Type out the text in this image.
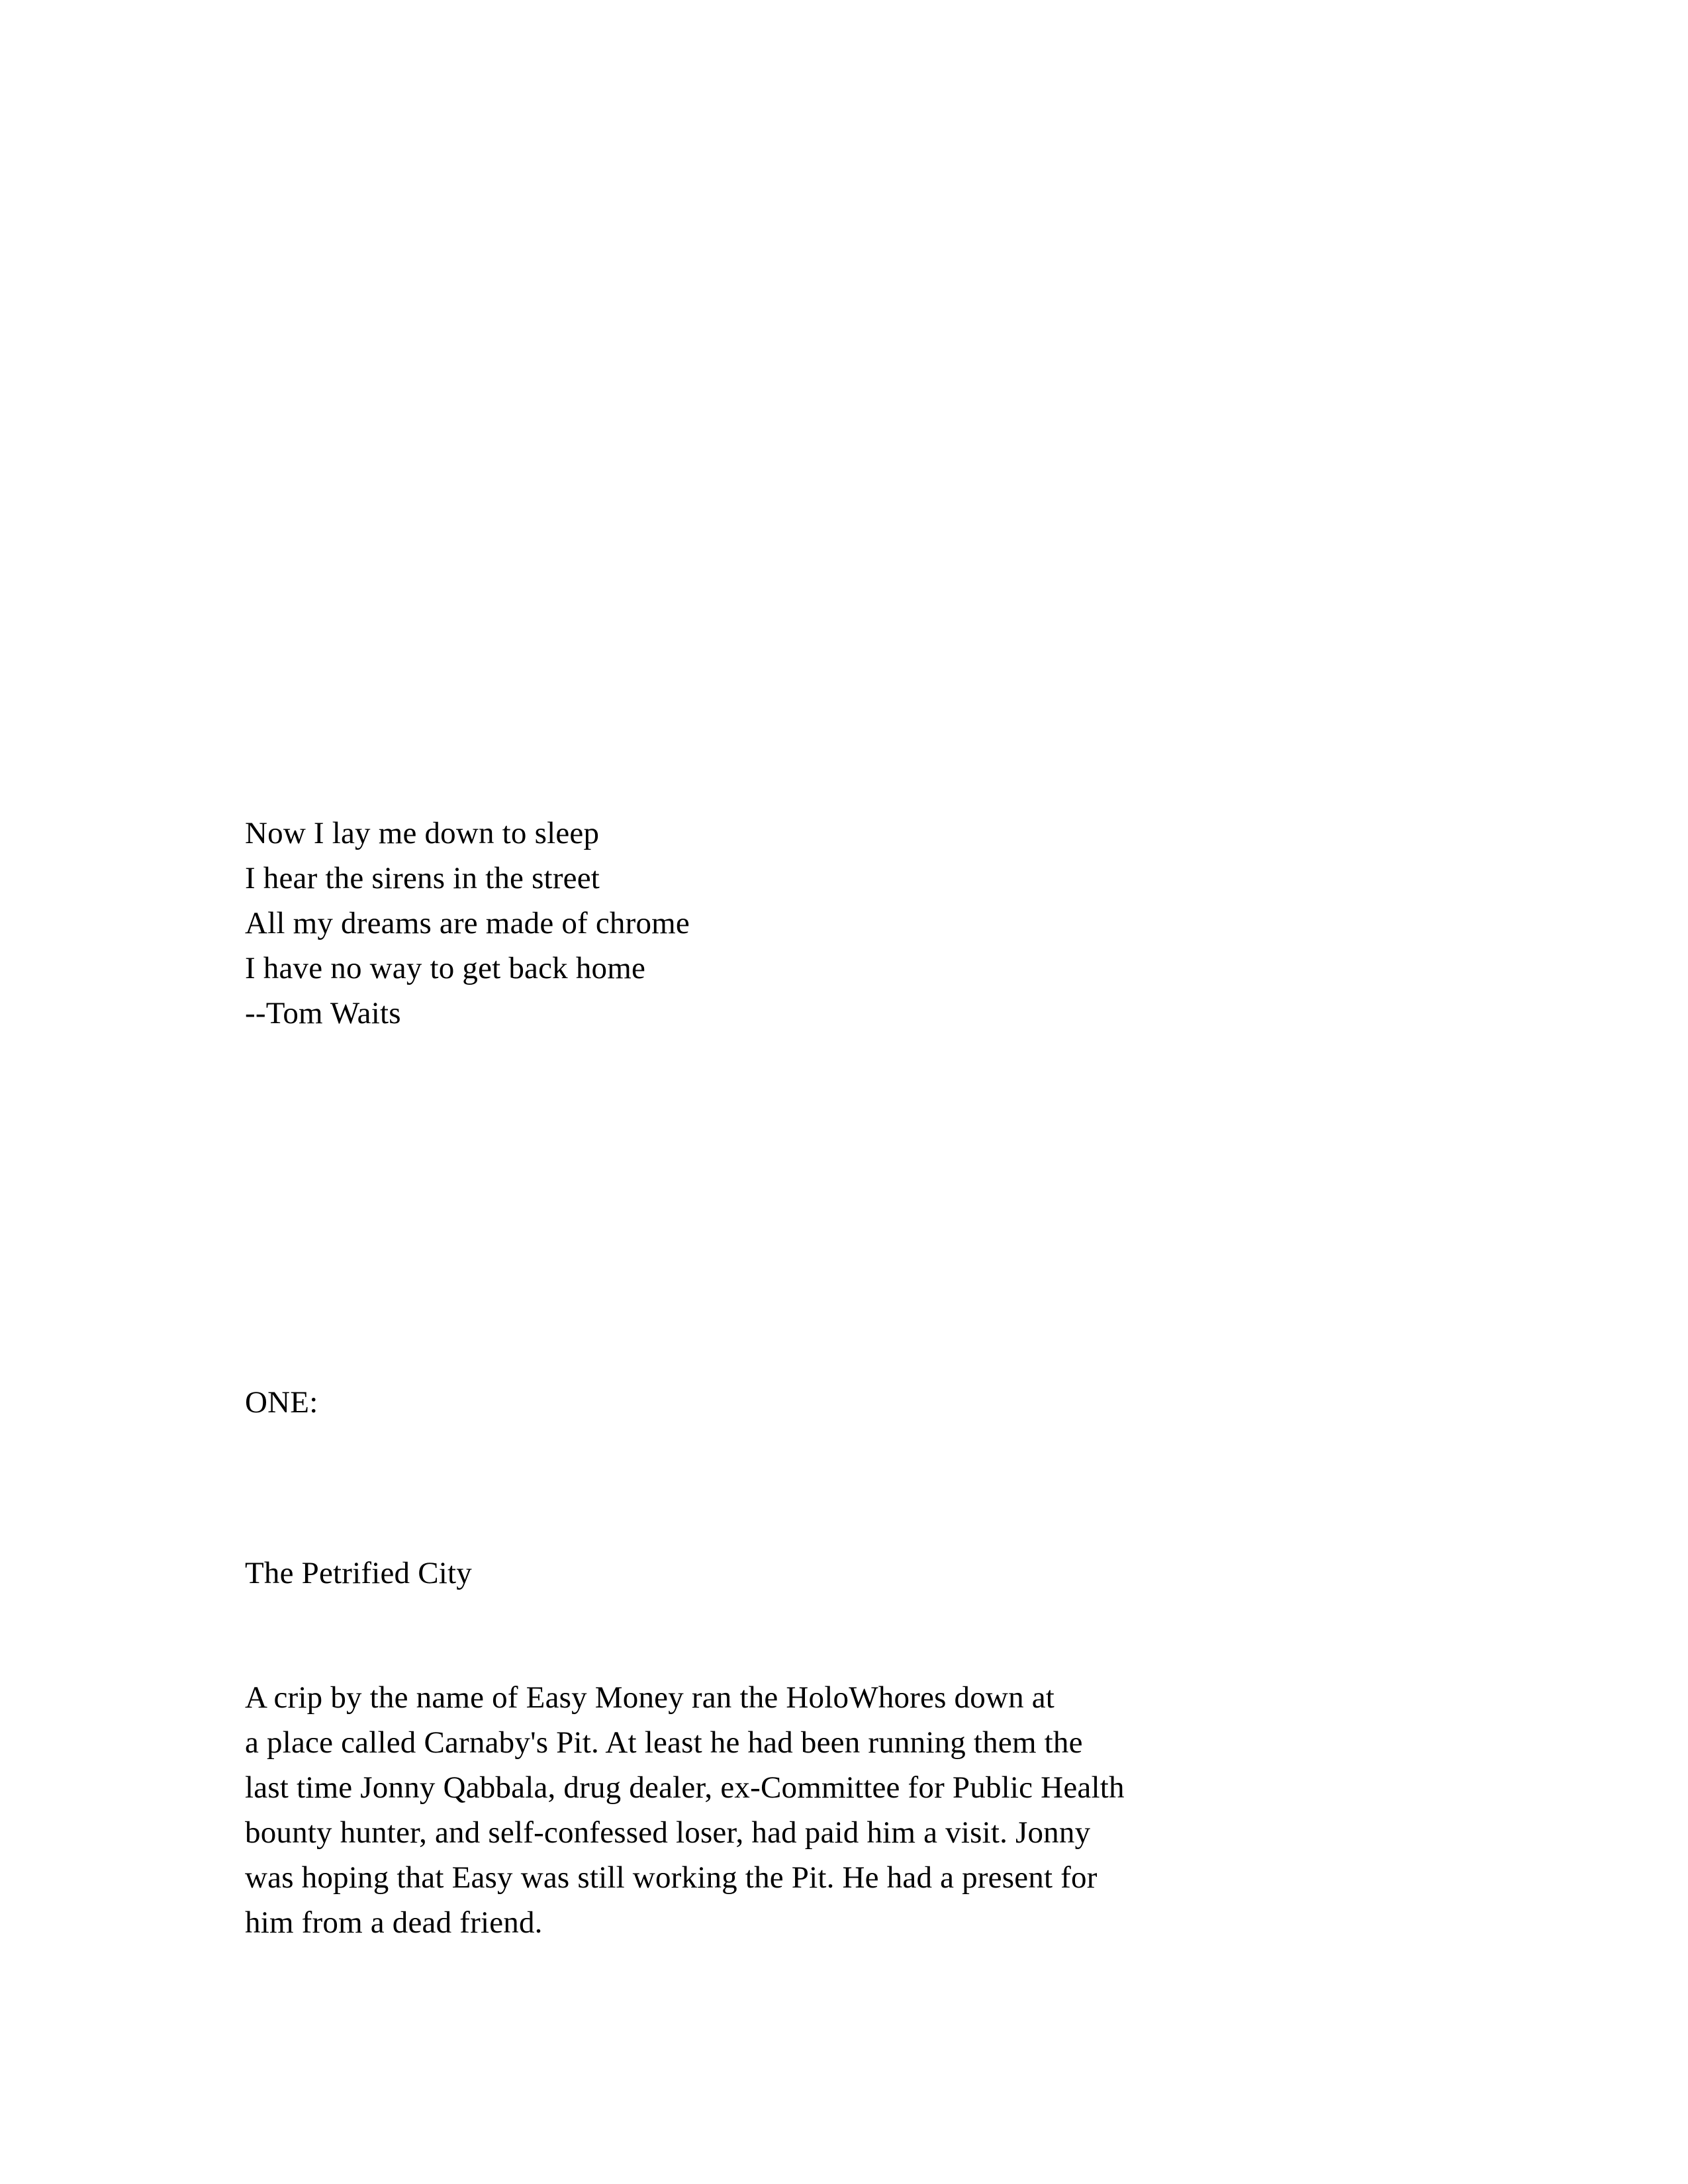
Now I lay me down to sleep
I hear the sirens in the street
All my dreams are made of chrome
I have no way to get back home
--Tom Waits
ONE:
The Petrified City
A crip by the name of Easy Money ran the HoloWhores down at
a place called Carnaby's Pit. At least he had been running them the
last time Jonny Qabbala, drug dealer, ex-Committee for Public Health
bounty hunter, and self-confessed loser, had paid him a visit. Jonny
was hoping that Easy was still working the Pit. He had a present for
him from a dead friend.
